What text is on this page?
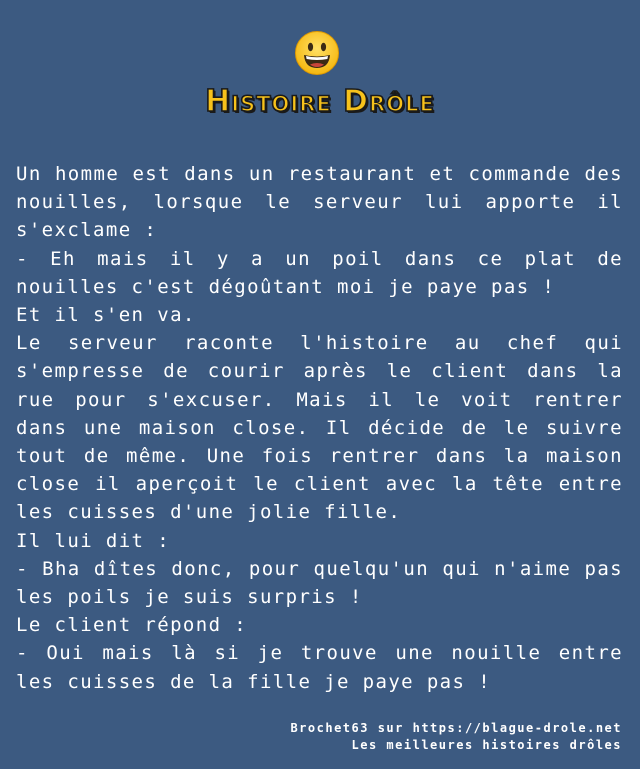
Histoire Drôle

Un homme est dans un restaurant et commande des nouilles, lorsque le serveur lui apporte il s'exclame :

- Eh mais il y a un poil dans ce plat de nouilles c'est dégoûtant moi je paye pas !

Et il s'en va.

Le serveur raconte l'histoire au chef qui s'empresse de courir après le client dans la rue pour s'excuser. Mais il le voit rentrer dans une maison close. Il décide de le suivre tout de même. Une fois rentrer dans la maison close il aperçoit le client avec la tête entre les cuisses d'une jolie fille.

Il lui dit :

- Bha dîtes donc, pour quelqu'un qui n'aime pas les poils je suis surpris !

Le client répond :

- Oui mais là si je trouve une nouille entre les cuisses de la fille je paye pas !

Brochet63 sur https://blague-drole.net
Les meilleures histoires drôles
